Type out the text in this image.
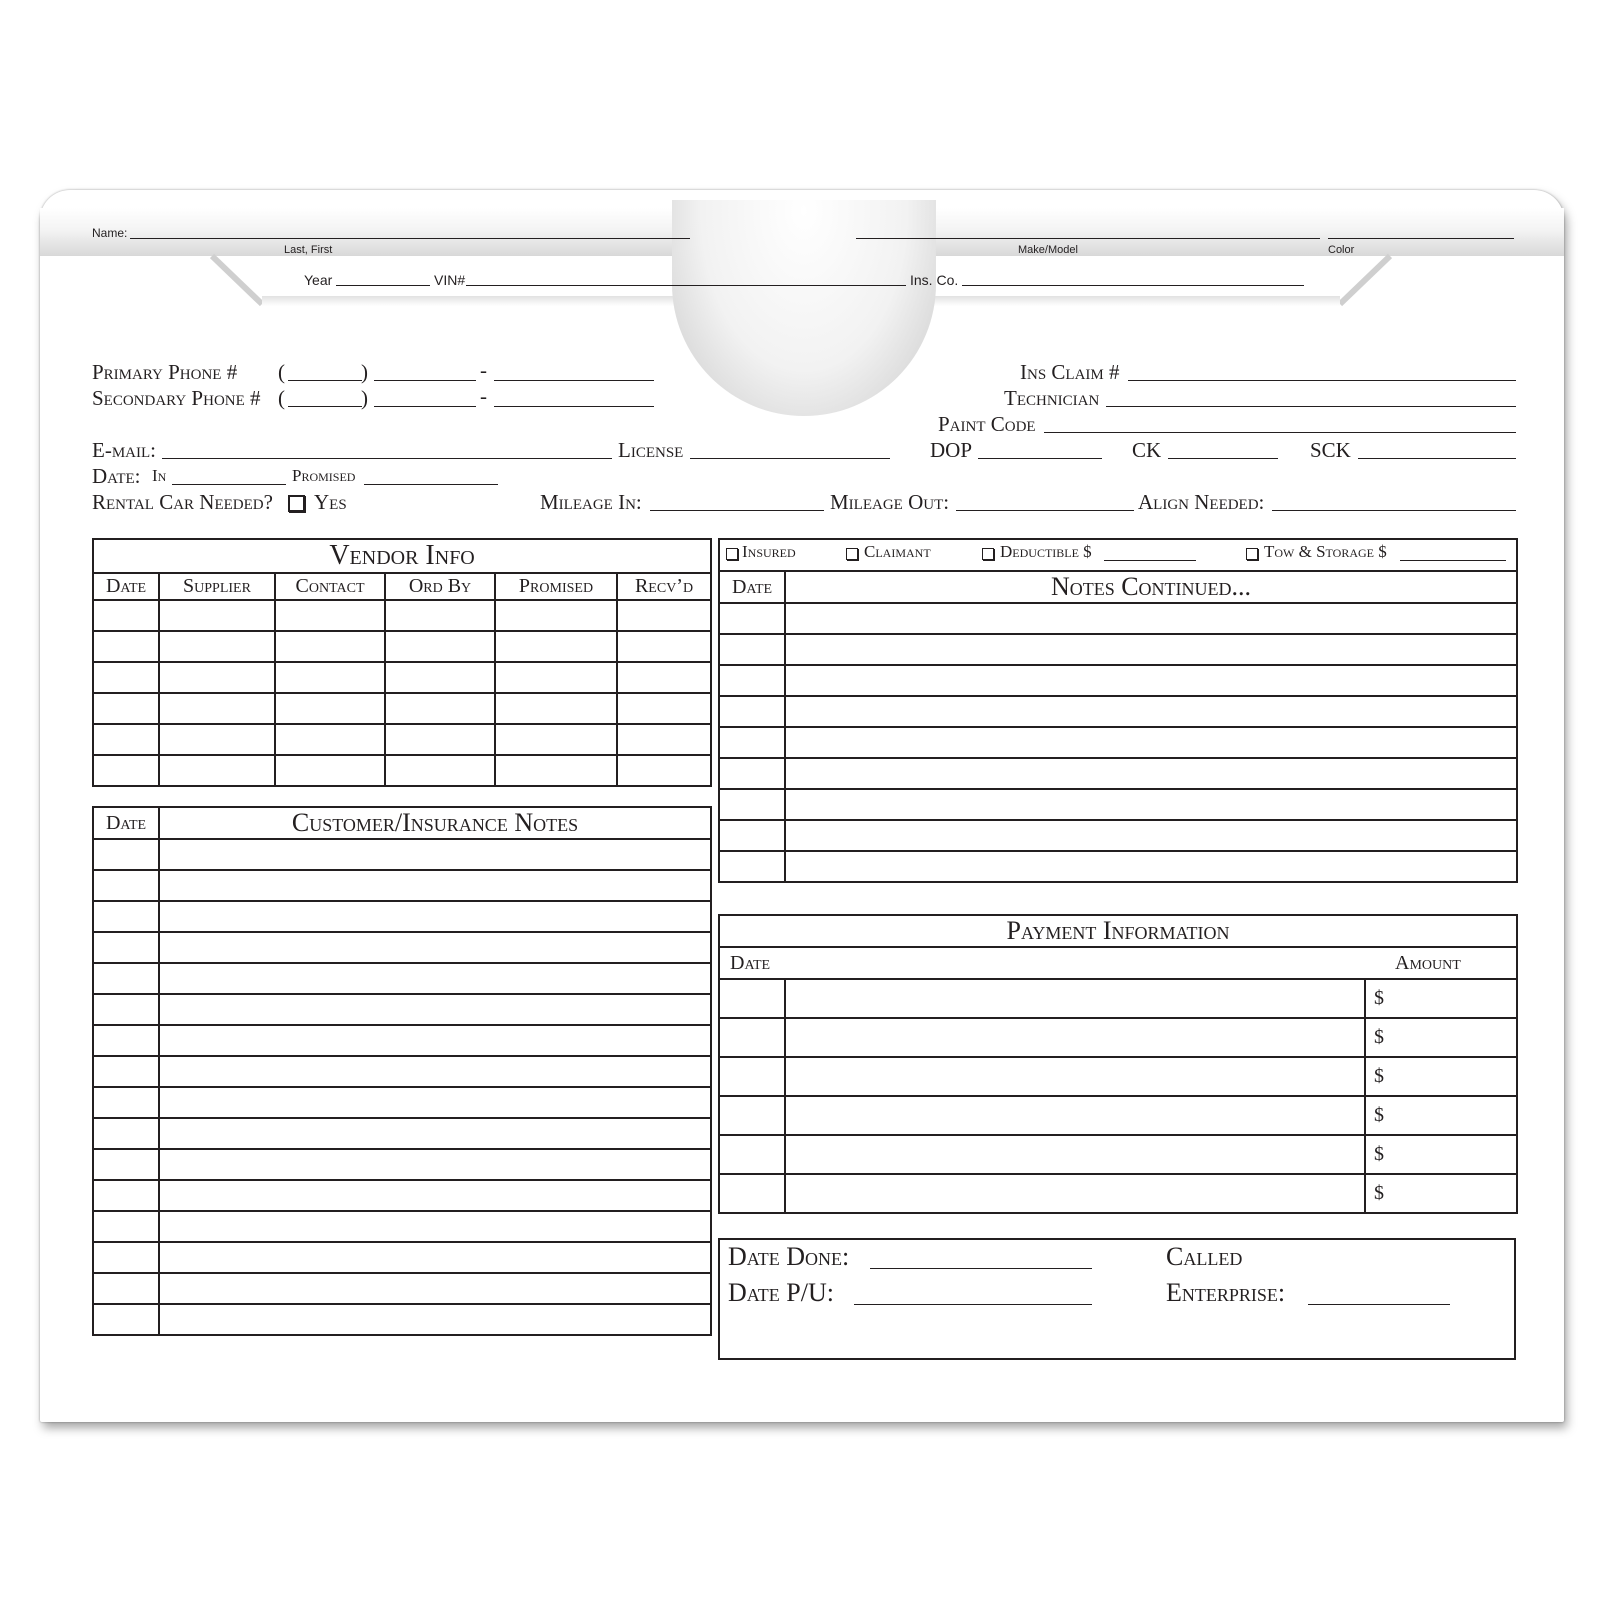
Name:
Last, First	Make/Model	Color
Year	VIN#	Ins. Co.
Primary Phone # (	)	-
Secondary Phone # (	)	-
Ins Claim #
Technician
Paint Code
E-mail:	License	DOP	CK	SCK
Date: In	Promised
Rental Car Needed? Yes	Mileage In:	Mileage Out:	Align Needed:
Vendor Info					
Date	Supplier	Contact	Ord By	Promised	Recv’d

Date	Customer/Insurance Notes

Insured	Claimant	Deductible $	Tow & Storage $
Date	Notes Continued...

Payment Information		
Date		Amount
		$
		$
		$
		$
		$
		$
Date Done:
Date P/U:
Called
Enterprise:
